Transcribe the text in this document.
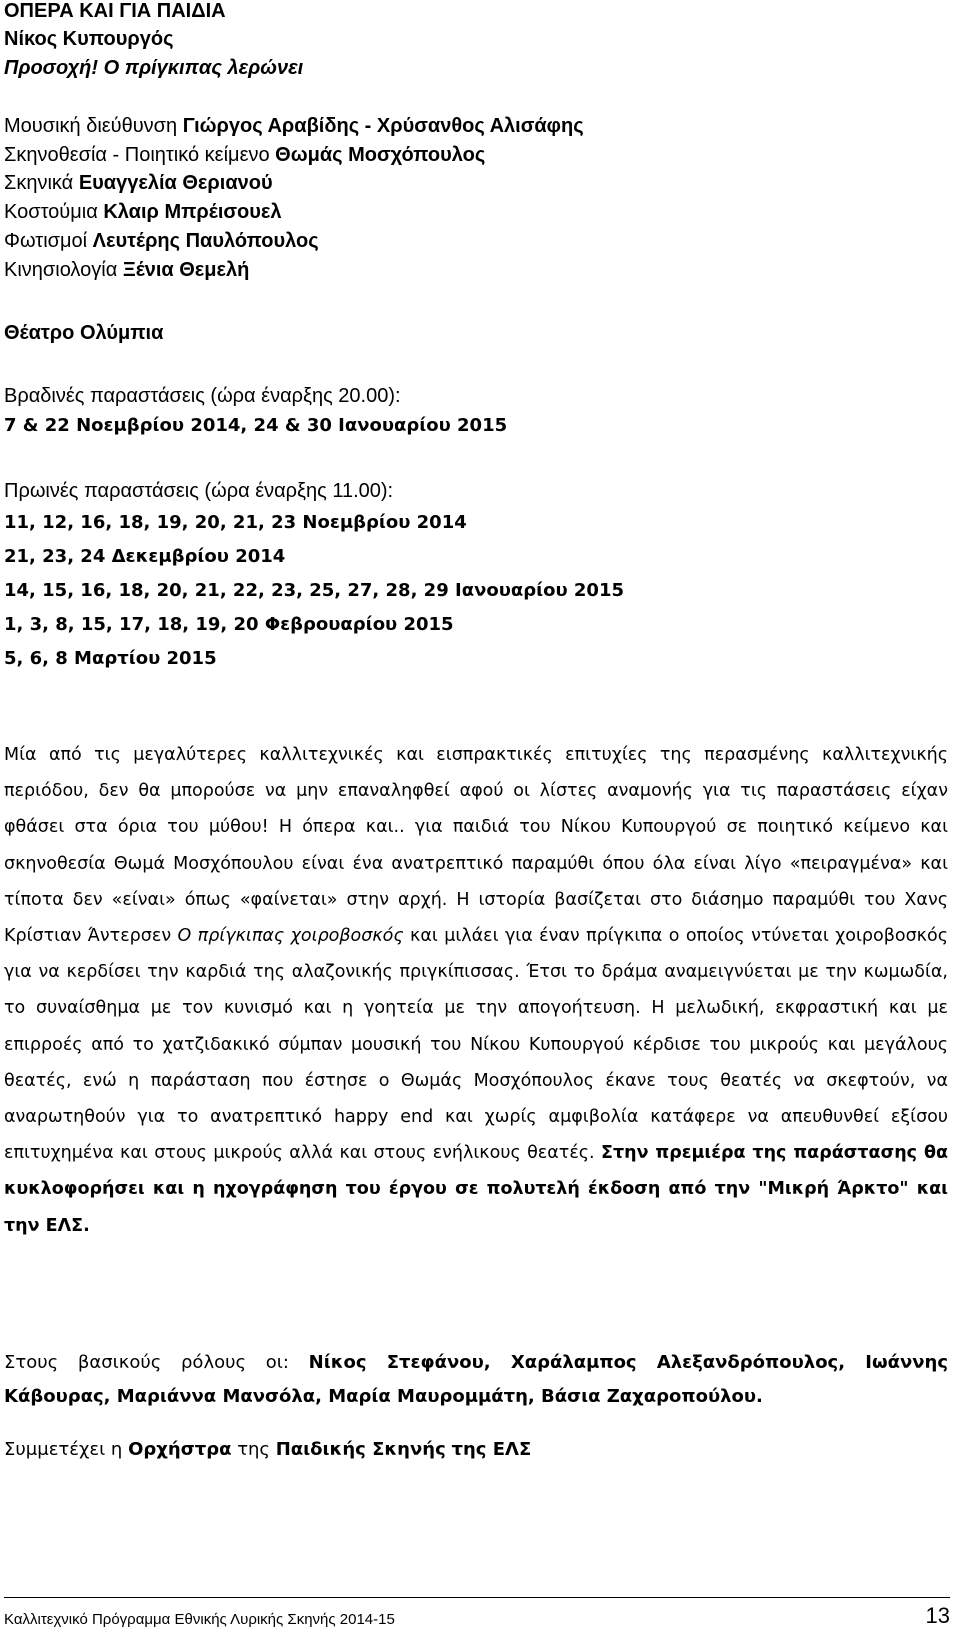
ΟΠΕΡΑ ΚΑΙ ΓΙΑ ΠΑΙΔΙΑ
Νίκος Κυπουργός
Προσοχή! Ο πρίγκιπας λερώνει
Μουσική διεύθυνση Γιώργος Αραβίδης - Χρύσανθος Αλισάφης
Σκηνοθεσία - Ποιητικό κείμενο Θωμάς Μοσχόπουλος
Σκηνικά Ευαγγελία Θεριανού
Κοστούμια Κλαιρ Μπρέισουελ
Φωτισμοί Λευτέρης Παυλόπουλος
Κινησιολογία Ξένια Θεμελή
Θέατρο Ολύμπια
Βραδινές παραστάσεις (ώρα έναρξης 20.00):
7 & 22 Νοεμβρίου 2014, 24 & 30 Ιανουαρίου 2015
Πρωινές παραστάσεις (ώρα έναρξης 11.00):
11, 12, 16, 18, 19, 20, 21, 23 Νοεμβρίου 2014
21, 23, 24 Δεκεμβρίου 2014
14, 15, 16, 18, 20, 21, 22, 23, 25, 27, 28, 29 Ιανουαρίου 2015
1, 3, 8, 15, 17, 18, 19, 20 Φεβρουαρίου 2015
5, 6, 8 Μαρτίου 2015

Μία από τις μεγαλύτερες καλλιτεχνικές και εισπρακτικές επιτυχίες της περασμένης καλλιτεχνικής περιόδου, δεν θα μπορούσε να μην επαναληφθεί αφού οι λίστες αναμονής για τις παραστάσεις είχαν φθάσει στα όρια του μύθου! Η όπερα και.. για παιδιά του Νίκου Κυπουργού σε ποιητικό κείμενο και σκηνοθεσία Θωμά Μοσχόπουλου είναι ένα ανατρεπτικό παραμύθι όπου όλα είναι λίγο «πειραγμένα» και τίποτα δεν «είναι» όπως «φαίνεται» στην αρχή. Η ιστορία βασίζεται στο διάσημο παραμύθι του Χανς Κρίστιαν Άντερσεν Ο πρίγκιπας χοιροβοσκός και μιλάει για έναν πρίγκιπα ο οποίος ντύνεται χοιροβοσκός για να κερδίσει την καρδιά της αλαζονικής πριγκίπισσας. Έτσι το δράμα αναμειγνύεται με την κωμωδία, το συναίσθημα με τον κυνισμό και η γοητεία με την απογοήτευση. Η μελωδική, εκφραστική και με επιρροές από το χατζιδακικό σύμπαν μουσική του Νίκου Κυπουργού κέρδισε του μικρούς και μεγάλους θεατές, ενώ η παράσταση που έστησε ο Θωμάς Μοσχόπουλος έκανε τους θεατές να σκεφτούν, να αναρωτηθούν για το ανατρεπτικό happy end και χωρίς αμφιβολία κατάφερε να απευθυνθεί εξίσου επιτυχημένα και στους μικρούς αλλά και στους ενήλικους θεατές. Στην πρεμιέρα της παράστασης θα κυκλοφορήσει και η ηχογράφηση του έργου σε πολυτελή έκδοση από την "Μικρή Άρκτο" και την ΕΛΣ.

Στους βασικούς ρόλους οι: Νίκος Στεφάνου, Χαράλαμπος Αλεξανδρόπουλος, Ιωάννης Κάβουρας, Μαριάννα Μανσόλα, Μαρία Μαυρομμάτη, Βάσια Ζαχαροπούλου.
Συμμετέχει η Ορχήστρα της Παιδικής Σκηνής της ΕΛΣ
Καλλιτεχνικό Πρόγραμμα Εθνικής Λυρικής Σκηνής 2014-15	13
